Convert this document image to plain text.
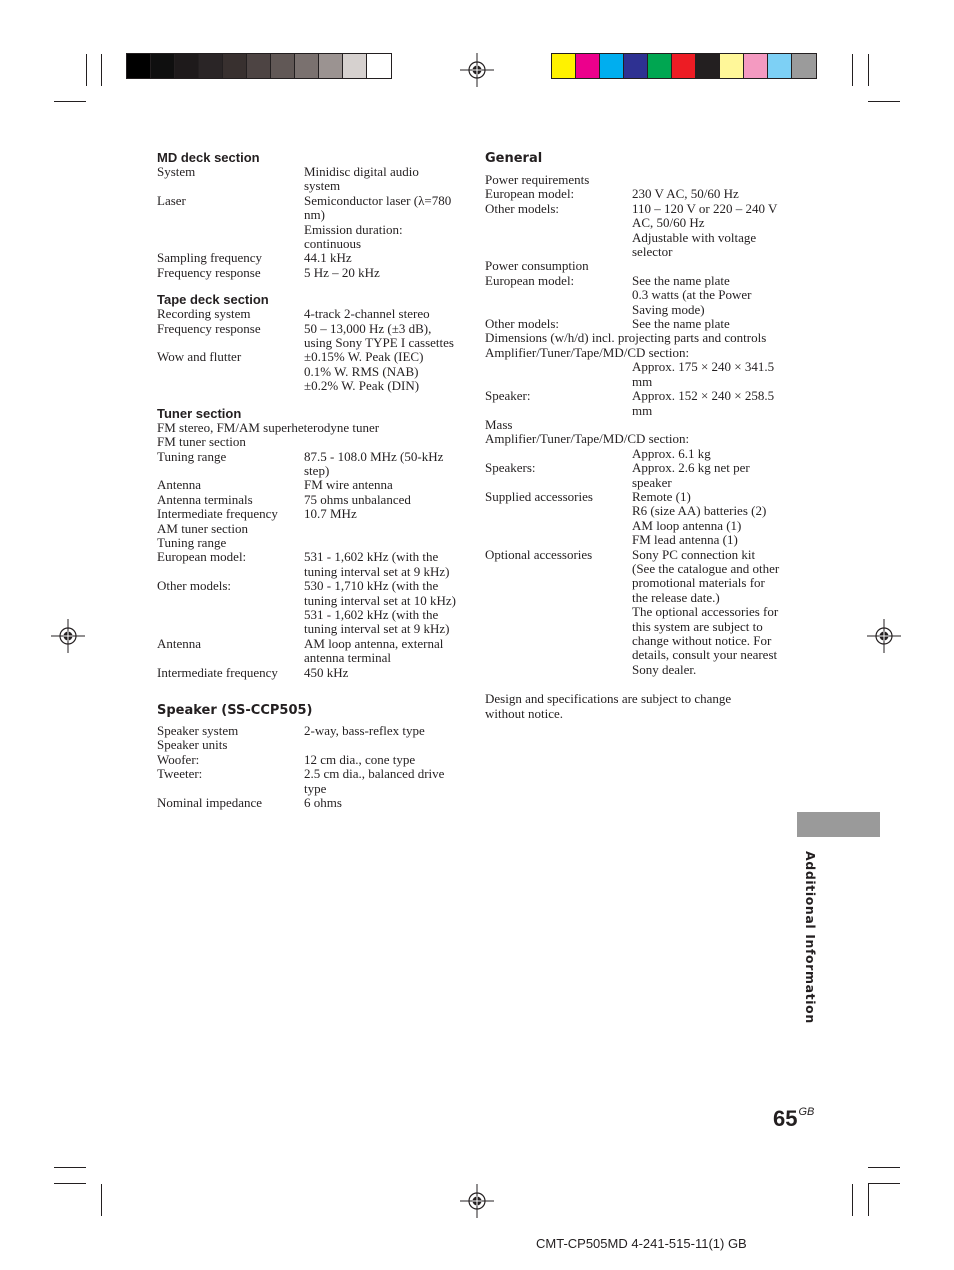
MD deck section
System	Minidisc digital audio system
Laser	Semiconductor laser (λ=780 nm)
Emission duration: continuous
Sampling frequency	44.1 kHz
Frequency response	5 Hz – 20 kHz
Tape deck section
Recording system	4-track 2-channel stereo
Frequency response	50 – 13,000 Hz (±3 dB), using Sony TYPE I cassettes
Wow and flutter	±0.15% W. Peak (IEC)
0.1% W. RMS (NAB)
±0.2% W. Peak (DIN)
Tuner section
FM stereo, FM/AM superheterodyne tuner
FM tuner section
Tuning range	87.5 - 108.0 MHz (50-kHz step)
Antenna	FM wire antenna
Antenna terminals	75 ohms unbalanced
Intermediate frequency	10.7 MHz
AM tuner section
Tuning range
European model:	531 - 1,602 kHz (with the tuning interval set at 9 kHz)
Other models:	530 - 1,710 kHz (with the tuning interval set at 10 kHz)
531 - 1,602 kHz (with the tuning interval set at 9 kHz)
Antenna	AM loop antenna, external antenna terminal
Intermediate frequency	450 kHz
Speaker (SS-CCP505)
Speaker system	2-way, bass-reflex type
Speaker units
Woofer:	12 cm dia., cone type
Tweeter:	2.5 cm dia., balanced drive type
Nominal impedance	6 ohms
General
Power requirements
European model:	230 V AC, 50/60 Hz
Other models:	110 – 120 V or 220 – 240 V AC, 50/60 Hz
Adjustable with voltage selector
Power consumption
European model:	See the name plate
0.3 watts (at the Power Saving mode)
Other models:	See the name plate
Dimensions (w/h/d) incl. projecting parts and controls
Amplifier/Tuner/Tape/MD/CD section:
Approx. 175 × 240 × 341.5 mm
Speaker:	Approx. 152 × 240 × 258.5 mm
Mass
Amplifier/Tuner/Tape/MD/CD section:
Approx. 6.1 kg
Speakers:	Approx. 2.6 kg net per speaker
Supplied accessories	Remote (1)
R6 (size AA) batteries (2)
AM loop antenna (1)
FM lead antenna (1)
Optional accessories	Sony PC connection kit (See the catalogue and other promotional materials for the release date.)
The optional accessories for this system are subject to change without notice. For details, consult your nearest Sony dealer.
Design and specifications are subject to change without notice.
Additional Information
$65^{GB}$
CMT-CP505MD 4-241-515-11(1) GB
